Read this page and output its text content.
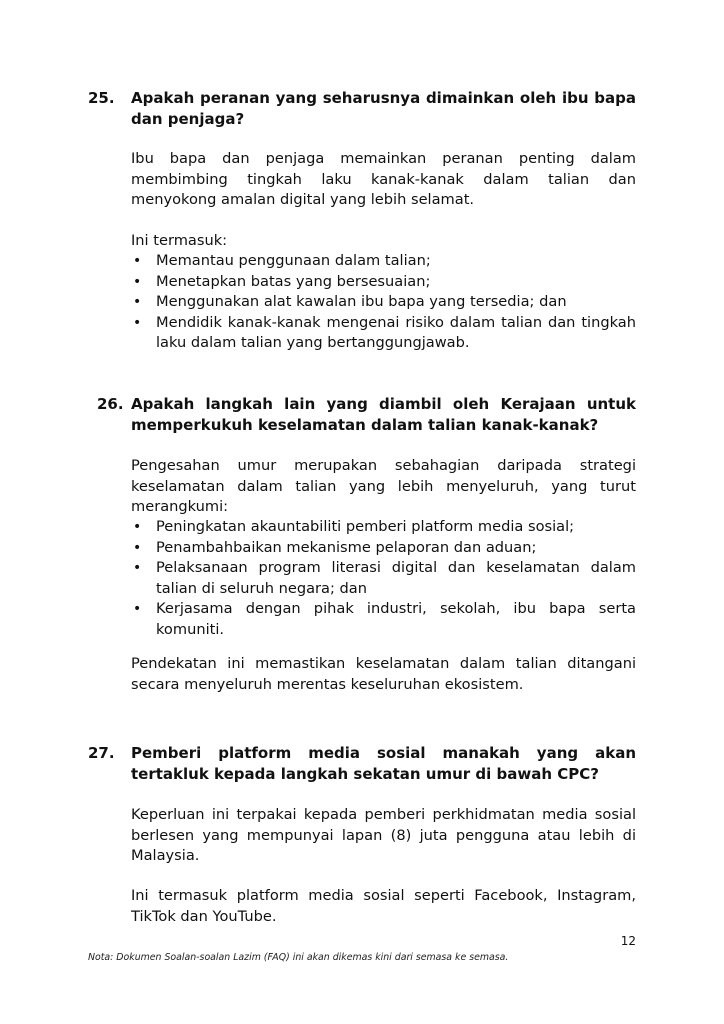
25. Apakah peranan yang seharusnya dimainkan oleh ibu bapa dan penjaga?
Ibu bapa dan penjaga memainkan peranan penting dalam membimbing tingkah laku kanak-kanak dalam talian dan menyokong amalan digital yang lebih selamat.
Ini termasuk:
• Memantau penggunaan dalam talian;
• Menetapkan batas yang bersesuaian;
• Menggunakan alat kawalan ibu bapa yang tersedia; dan
• Mendidik kanak-kanak mengenai risiko dalam talian dan tingkah laku dalam talian yang bertanggungjawab.
26. Apakah langkah lain yang diambil oleh Kerajaan untuk memperkukuh keselamatan dalam talian kanak-kanak?
Pengesahan umur merupakan sebahagian daripada strategi keselamatan dalam talian yang lebih menyeluruh, yang turut merangkumi:
• Peningkatan akauntabiliti pemberi platform media sosial;
• Penambahbaikan mekanisme pelaporan dan aduan;
• Pelaksanaan program literasi digital dan keselamatan dalam talian di seluruh negara; dan
• Kerjasama dengan pihak industri, sekolah, ibu bapa serta komuniti.
Pendekatan ini memastikan keselamatan dalam talian ditangani secara menyeluruh merentas keseluruhan ekosistem.
27. Pemberi platform media sosial manakah yang akan tertakluk kepada langkah sekatan umur di bawah CPC?
Keperluan ini terpakai kepada pemberi perkhidmatan media sosial berlesen yang mempunyai lapan (8) juta pengguna atau lebih di Malaysia.
Ini termasuk platform media sosial seperti Facebook, Instagram, TikTok dan YouTube.
12
Nota: Dokumen Soalan-soalan Lazim (FAQ) ini akan dikemas kini dari semasa ke semasa.
